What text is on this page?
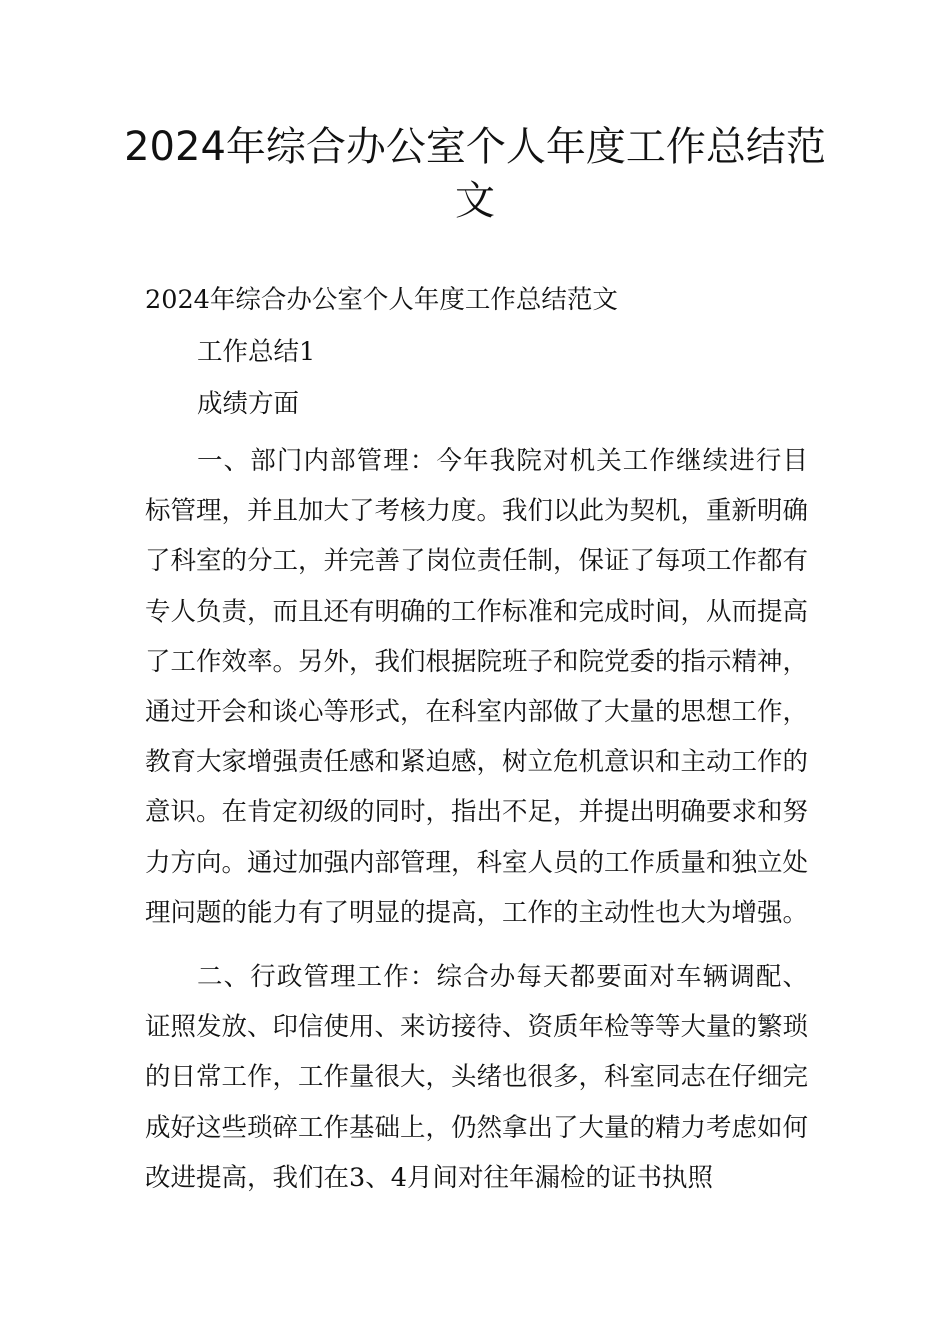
2024年综合办公室个人年度工作总结范文

2024年综合办公室个人年度工作总结范文

工作总结1

成绩方面

一、部门内部管理：今年我院对机关工作继续进行目标管理，并且加大了考核力度。我们以此为契机，重新明确了科室的分工，并完善了岗位责任制，保证了每项工作都有专人负责，而且还有明确的工作标准和完成时间，从而提高了工作效率。另外，我们根据院班子和院党委的指示精神，通过开会和谈心等形式，在科室内部做了大量的思想工作，教育大家增强责任感和紧迫感，树立危机意识和主动工作的意识。在肯定初级的同时，指出不足，并提出明确要求和努力方向。通过加强内部管理，科室人员的工作质量和独立处理问题的能力有了明显的提高，工作的主动性也大为增强。

二、行政管理工作：综合办每天都要面对车辆调配、证照发放、印信使用、来访接待、资质年检等等大量的繁琐的日常工作，工作量很大，头绪也很多，科室同志在仔细完成好这些琐碎工作基础上，仍然拿出了大量的精力考虑如何改进提高，我们在3、4月间对往年漏检的证书执照
